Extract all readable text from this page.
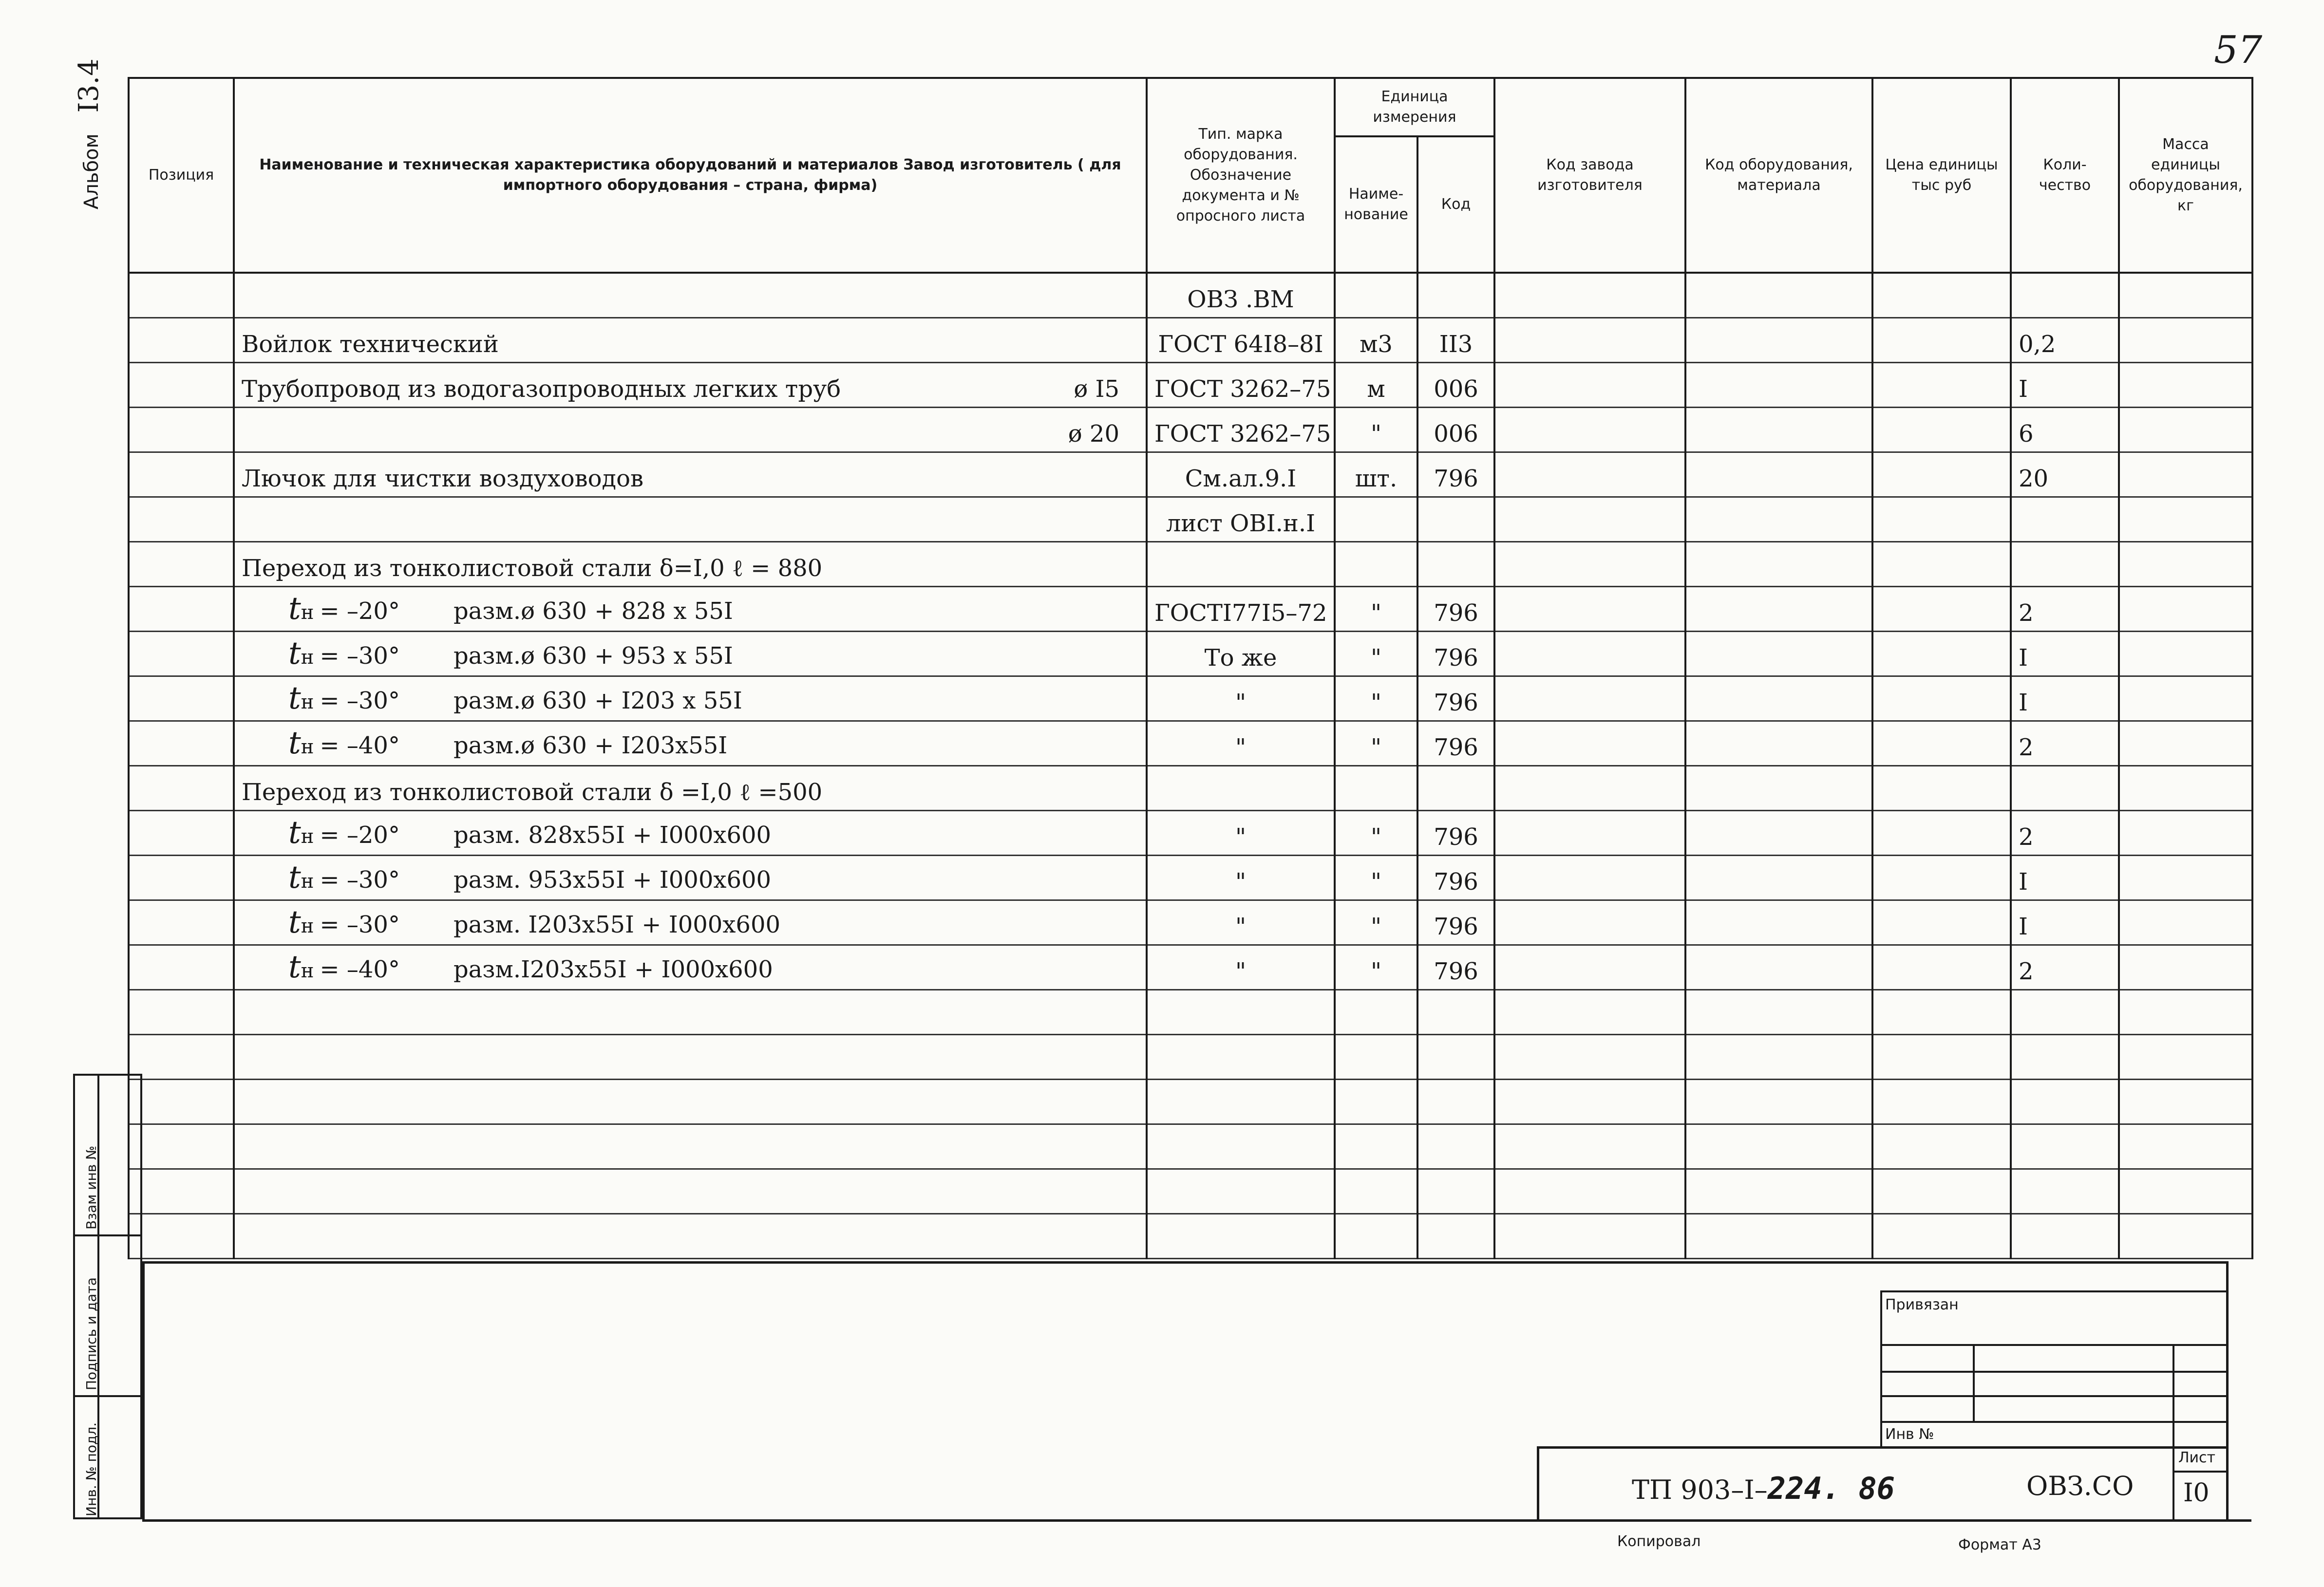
57
Альбом I3.4
Позиция	Наименование и техническая характеристика оборудований и материалов Завод изготовитель ( для импортного оборудования – страна, фирма)	Тип. марка оборудования. Обозначение документа и № опросного листа	Единица измерения		Код завода изготовителя	Код оборудования, материала	Цена единицы тыс руб	Коли-чество	Масса единицы оборудования, кг
			Наиме-нование	Код					

	ОВЗ .ВМ							
	Войлок технический	ГОСТ 64I8–8I	м3	II3				0,2	
	Трубопровод из водогазопроводных легких труб ø I5	ГОСТ 3262–75	м	006				I	

	ø 20	ГОСТ 3262–75	"	006				6	
	Лючок для чистки воздуховодов	См.ал.9.I	шт.	796				20	

	лист ОВI.н.I							
	Переход из тонколистовой стали δ=I,0 ℓ = 880

	tн = –20° разм.ø 630 + 828 х 55I	ГОСТI77I5–72	"	796				2	
	tн = –30° разм.ø 630 + 953 х 55I	То же	"	796				I	
	tн = –30° разм.ø 630 + I203 х 55I	"	"	796				I	
	tн = –40° разм.ø 630 + I203х55I	"	"	796				2	
	Переход из тонколистовой стали δ =I,0 ℓ =500

	tн = –20° разм. 828х55I + I000х600	"	"	796				2	
	tн = –30° разм. 953х55I + I000х600	"	"	796				I	
	tн = –30° разм. I203х55I + I000х600	"	"	796				I	
	tн = –40° разм.I203х55I + I000х600	"	"	796				2	

Взам инв №
Подпись и дата
Инв. № подл.
Привязан
Инв №
ТП 903–I–224. 86	ОВЗ.СО
Лист
I0
Копировал	Формат А3
